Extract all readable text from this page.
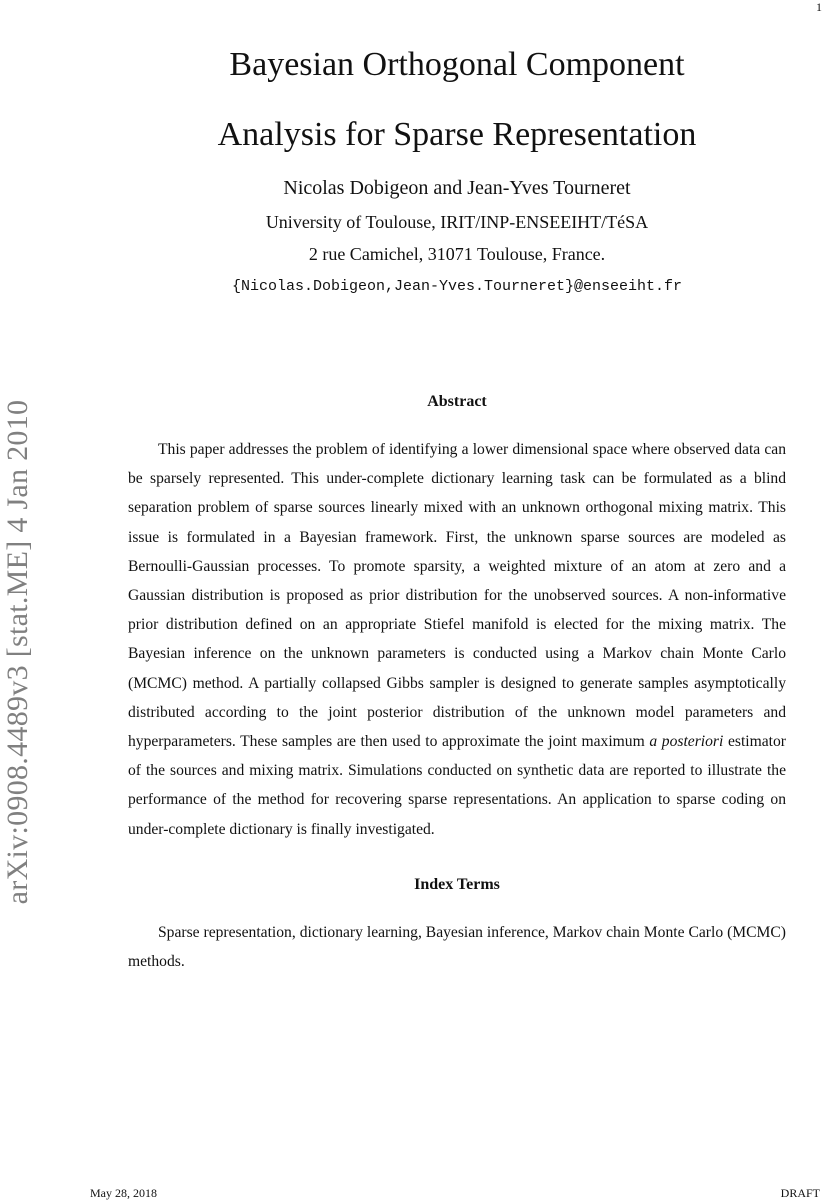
1
Bayesian Orthogonal Component
Analysis for Sparse Representation
Nicolas Dobigeon and Jean-Yves Tourneret
University of Toulouse, IRIT/INP-ENSEEIHT/TéSA
2 rue Camichel, 31071 Toulouse, France.
{Nicolas.Dobigeon,Jean-Yves.Tourneret}@enseeiht.fr
arXiv:0908.4489v3 [stat.ME] 4 Jan 2010	Abstract

This paper addresses the problem of identifying a lower dimensional space where observed data can be sparsely represented. This under-complete dictionary learning task can be formulated as a blind separation problem of sparse sources linearly mixed with an unknown orthogonal mixing matrix. This issue is formulated in a Bayesian framework. First, the unknown sparse sources are modeled as Bernoulli-Gaussian processes. To promote sparsity, a weighted mixture of an atom at zero and a Gaussian distribution is proposed as prior distribution for the unobserved sources. A non-informative prior distribution defined on an appropriate Stiefel manifold is elected for the mixing matrix. The Bayesian inference on the unknown parameters is conducted using a Markov chain Monte Carlo (MCMC) method. A partially collapsed Gibbs sampler is designed to generate samples asymptotically distributed according to the joint posterior distribution of the unknown model parameters and hyperparameters. These samples are then used to approximate the joint maximum a posteriori estimator of the sources and mixing matrix. Simulations conducted on synthetic data are reported to illustrate the performance of the method for recovering sparse representations. An application to sparse coding on under-complete dictionary is finally investigated.

Index Terms

Sparse representation, dictionary learning, Bayesian inference, Markov chain Monte Carlo (MCMC) methods.

May 28, 2018	DRAFT
